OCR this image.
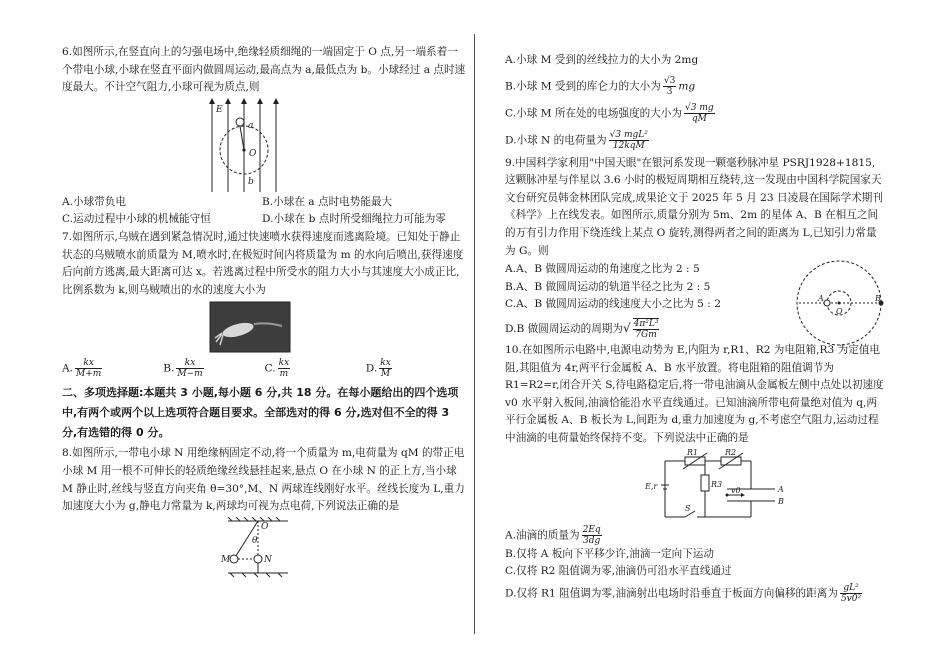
6.如图所示,在竖直向上的匀强电场中,绝缘轻质细绳的一端固定于 O 点,另一端系着一个带电小球,小球在竖直平面内做圆周运动,最高点为 a,最低点为 b。小球经过 a 点时速度最大。不计空气阻力,小球可视为质点,则

E
a
O
b
A.小球带负电	B.小球在 a 点时电势能最大
C.运动过程中小球的机械能守恒	D.小球在 b 点时所受细绳拉力可能为零

7.如图所示,乌贼在遇到紧急情况时,通过快速喷水获得速度而逃离险境。已知处于静止状态的乌贼喷水前质量为 M,喷水时,在极短时间内将质量为 m 的水向后喷出,获得速度后向前方逃离,最大距离可达 x。若逃离过程中所受水的阻力大小与其速度大小成正比,比例系数为 k,则乌贼喷出的水的速度大小为

A. $\frac{kx}{M+m}$	B. $\frac{kx}{M-m}$	C. $\frac{kx}{m}$	D. $\frac{kx}{M}$

二、多项选择题:本题共 3 小题,每小题 6 分,共 18 分。在每小题给出的四个选项中,有两个或两个以上选项符合题目要求。全部选对的得 6 分,选对但不全的得 3 分,有选错的得 0 分。

8.如图所示,一带电小球 N 用绝缘柄固定不动,将一个质量为 m,电荷量为 qM 的带正电小球 M 用一根不可伸长的轻质绝缘丝线悬挂起来,悬点 O 在小球 N 的正上方,当小球 M 静止时,丝线与竖直方向夹角 θ=30°,M、N 两球连线刚好水平。丝线长度为 L,重力加速度大小为 g,静电力常量为 k,两球均可视为点电荷,下列说法正确的是

O
θ
M	N

A.小球 M 受到的丝线拉力的大小为 2mg

B.小球 M 受到的库仑力的大小为 $\frac{√3}{3}$ mg

C.小球 M 所在处的电场强度的大小为 $\frac{√3 mg}{qM}$

D.小球 N 的电荷量为 $\frac{\text{√3 mgL²}}{\text{12kqM}}$

9.中国科学家利用"中国天眼"在银河系发现一颗毫秒脉冲星 PSRJ1928+1815,这颗脉冲星与伴星以 3.6 小时的极短周期相互绕转,这一发现由中国科学院国家天文台研究员韩金林团队完成,成果论文于 2025 年 5 月 23 日凌晨在国际学术期刊《科学》上在线发表。如图所示,质量分别为 5m、2m 的星体 A、B 在相互之间的万有引力作用下绕连线上某点 O 旋转,测得两者之间的距离为 L,已知引力常量为 G。则

A
O
B

A.A、B 做圆周运动的角速度之比为 2 : 5

B.A、B 做圆周运动的轨道半径之比为 2 : 5

C.A、B 做圆周运动的线速度大小之比为 5 : 2

D.B 做圆周运动的周期为√ $\frac{\text{4π²L³}}{7Gm}$

10.在如图所示电路中,电源电动势为 E,内阻为 r,R1、R2 为电阻箱,R3 为定值电阻,其阻值为 4r,两平行金属板 A、B 水平放置。将电阻箱的阻值调节为 R1=R2=r,闭合开关 S,待电路稳定后,将一带电油滴从金属板左侧中点处以初速度 v0 水平射入板间,油滴恰能沿水平直线通过。已知油滴所带电荷量绝对值为 q,两平行金属板 A、B 板长为 L,间距为 d,重力加速度为 g,不考虑空气阻力,运动过程中油滴的电荷量始终保持不变。下列说法中正确的是

R1	R2
R3
E,r
S
v0	A
B

A.油滴的质量为 $\frac{2Eq}{3dg}$

B.仅将 A 板向下平移少许,油滴一定向下运动

C.仅将 R2 阻值调为零,油滴仍可沿水平直线通过

D.仅将 R1 阻值调为零,油滴射出电场时沿垂直于板面方向偏移的距离为 $\frac{\text{gL²}}{\text{5v0²}}$
